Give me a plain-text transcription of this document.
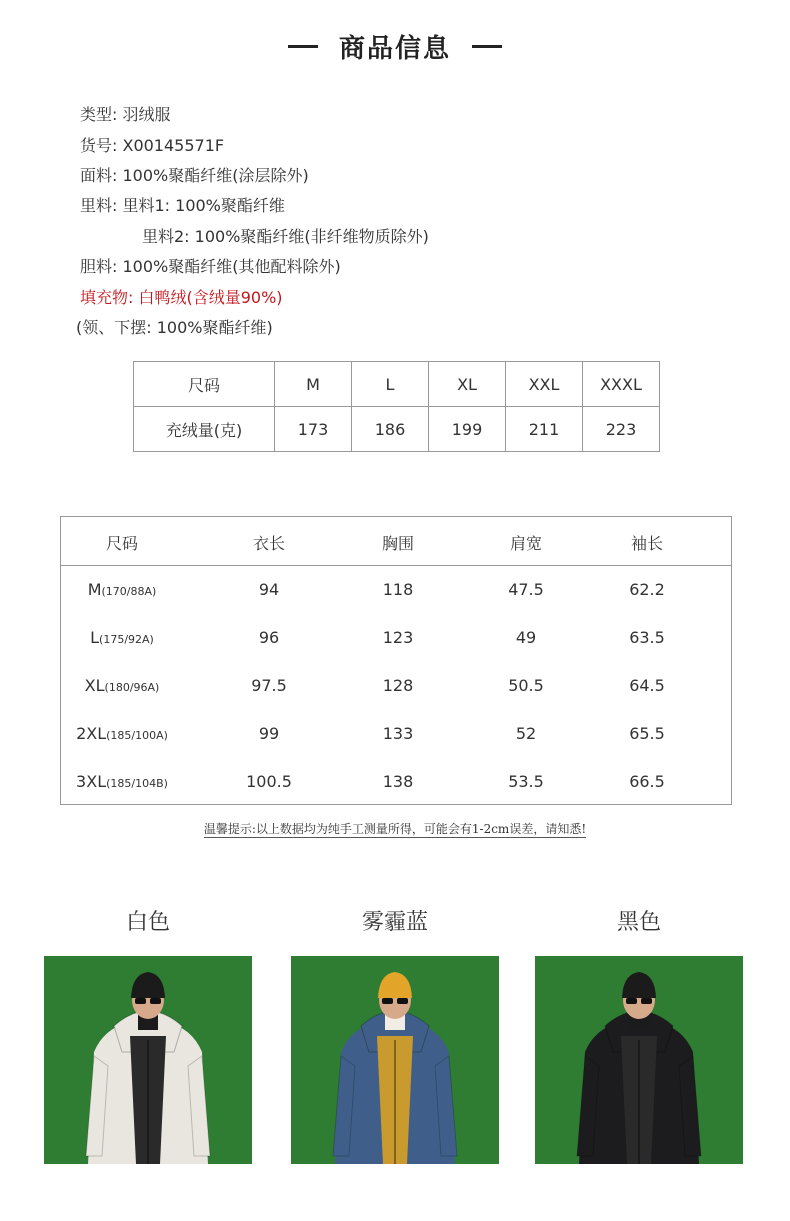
商品信息
类型: 羽绒服
货号: X00145571F
面料: 100%聚酯纤维(涂层除外)
里料: 里料1: 100%聚酯纤维
里料2: 100%聚酯纤维(非纤维物质除外)
胆料: 100%聚酯纤维(其他配料除外)
填充物: 白鸭绒(含绒量90%)
(领、下摆: 100%聚酯纤维)
尺码	M	L	XL	XXL	XXXL
充绒量(克)	173	186	199	211	223
尺码	衣长	胸围	肩宽	袖长
M(170/88A)	94	118	47.5	62.2
L(175/92A)	96	123	49	63.5
XL(180/96A)	97.5	128	50.5	64.5
2XL(185/100A)	99	133	52	65.5
3XL(185/104B)	100.5	138	53.5	66.5
温馨提示:以上数据均为纯手工测量所得，可能会有1-2cm误差，请知悉!
白色	雾霾蓝	黑色
